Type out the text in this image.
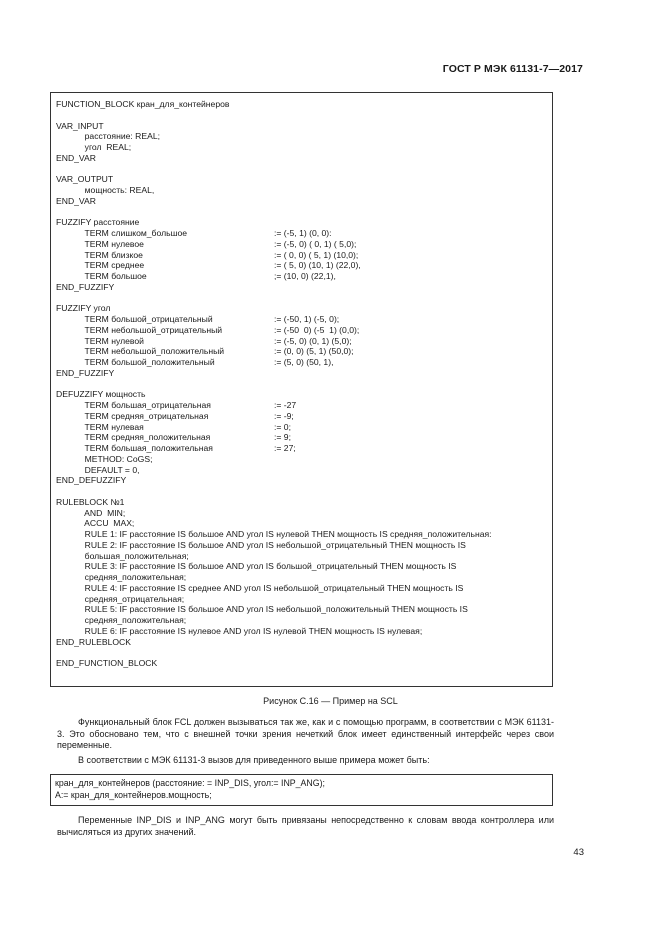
ГОСТ Р МЭК 61131-7—2017
FUNCTION_BLOCK кран_для_контейнеров
VAR_INPUT
расстояние: REAL;
угол  REAL;
END_VAR
VAR_OUTPUT
мощность: REAL,
END_VAR
FUZZIFY расстояние
TERM слишком_большое	:= (-5, 1) (0, 0):
TERM нулевое	:= (-5, 0) ( 0, 1) ( 5,0);
TERM близкое	:= ( 0, 0) ( 5, 1) (10,0);
TERM среднее	:= ( 5, 0) (10, 1) (22,0),
TERM большое	;= (10, 0) (22,1),
END_FUZZIFY
FUZZIFY угол
TERM большой_отрицательный	:= (-50, 1) (-5, 0);
TERM небольшой_отрицательный	:= (-50  0) (-5  1) (0,0);
TERM нулевой	:= (-5, 0) (0, 1) (5,0);
TERM небольшой_положительный	:= (0, 0) (5, 1) (50,0);
TERM большой_положительный	:= (5, 0) (50, 1),
END_FUZZIFY
DEFUZZIFY мощность
TERM большая_отрицательная	:= -27
TERM средняя_отрицательная	:= -9;
TERM нулевая	:= 0;
TERM средняя_положительная	:= 9;
TERM большая_положительная	:= 27;
METHOD: CoGS;
DEFAULT = 0,
END_DEFUZZIFY
RULEBLOCK №1
AND  MIN;
ACCU  MAX;
RULE 1: IF расстояние IS большое AND угол IS нулевой THEN мощность IS средняя_положительная:
RULE 2: IF расстояние IS большое AND угол IS небольшой_отрицательный THEN мощность IS
большая_положительная;
RULE 3: IF расстояние IS большое AND угол IS большой_отрицательный THEN мощность IS
средняя_положительная;
RULE 4: IF расстояние IS среднее AND угол IS небольшой_отрицательный THEN мощность IS
средняя_отрицательная;
RULE 5: IF расстояние IS большое AND угол IS небольшой_положительный THEN мощность IS
средняя_положительная;
RULE 6: IF расстояние IS нулевое AND угол IS нулевой THEN мощность IS нулевая;
END_RULEBLOCK
END_FUNCTION_BLOCK
Рисунок С.16 — Пример на SCL
Функциональный блок FCL должен вызываться так же, как и с помощью программ, в соответствии с МЭК 61131-3. Это обосновано тем, что с внешней точки зрения нечеткий блок имеет единственный интерфейс через свои переменные.
В соответствии с МЭК 61131-3 вызов для приведенного выше примера может быть:
кран_для_контейнеров (расстояние: = INP_DIS, угол:= INP_ANG);
А:= кран_для_контейнеров.мощность;
Переменные INP_DIS и INP_ANG могут быть привязаны непосредственно к словам ввода контроллера или вычисляться из других значений.
43
